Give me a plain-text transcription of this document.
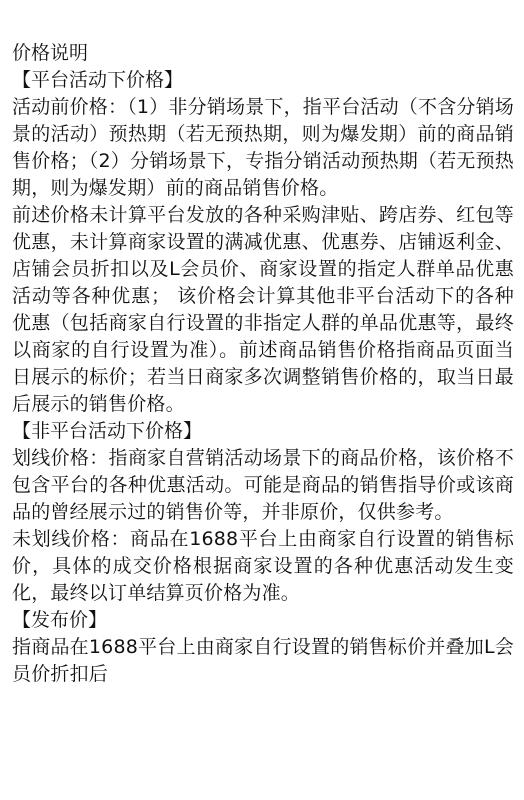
价格说明

【平台活动下价格】

活动前价格：（1）非分销场景下，指平台活动（不含分销场景的活动）预热期（若无预热期，则为爆发期）前的商品销售价格；（2）分销场景下，专指分销活动预热期（若无预热期，则为爆发期）前的商品销售价格。

前述价格未计算平台发放的各种采购津贴、跨店券、红包等优惠，未计算商家设置的满减优惠、优惠券、店铺返利金、店铺会员折扣以及L会员价、商家设置的指定人群单品优惠活动等各种优惠； 该价格会计算其他非平台活动下的各种优惠（包括商家自行设置的非指定人群的单品优惠等，最终以商家的自行设置为准）。前述商品销售价格指商品页面当日展示的标价；若当日商家多次调整销售价格的，取当日最后展示的销售价格。

【非平台活动下价格】

划线价格：指商家自营销活动场景下的商品价格，该价格不包含平台的各种优惠活动。可能是商品的销售指导价或该商品的曾经展示过的销售价等，并非原价，仅供参考。

未划线价格：商品在1688平台上由商家自行设置的销售标价，具体的成交价格根据商家设置的各种优惠活动发生变化，最终以订单结算页价格为准。

【发布价】

指商品在1688平台上由商家自行设置的销售标价并叠加L会员价折扣后
